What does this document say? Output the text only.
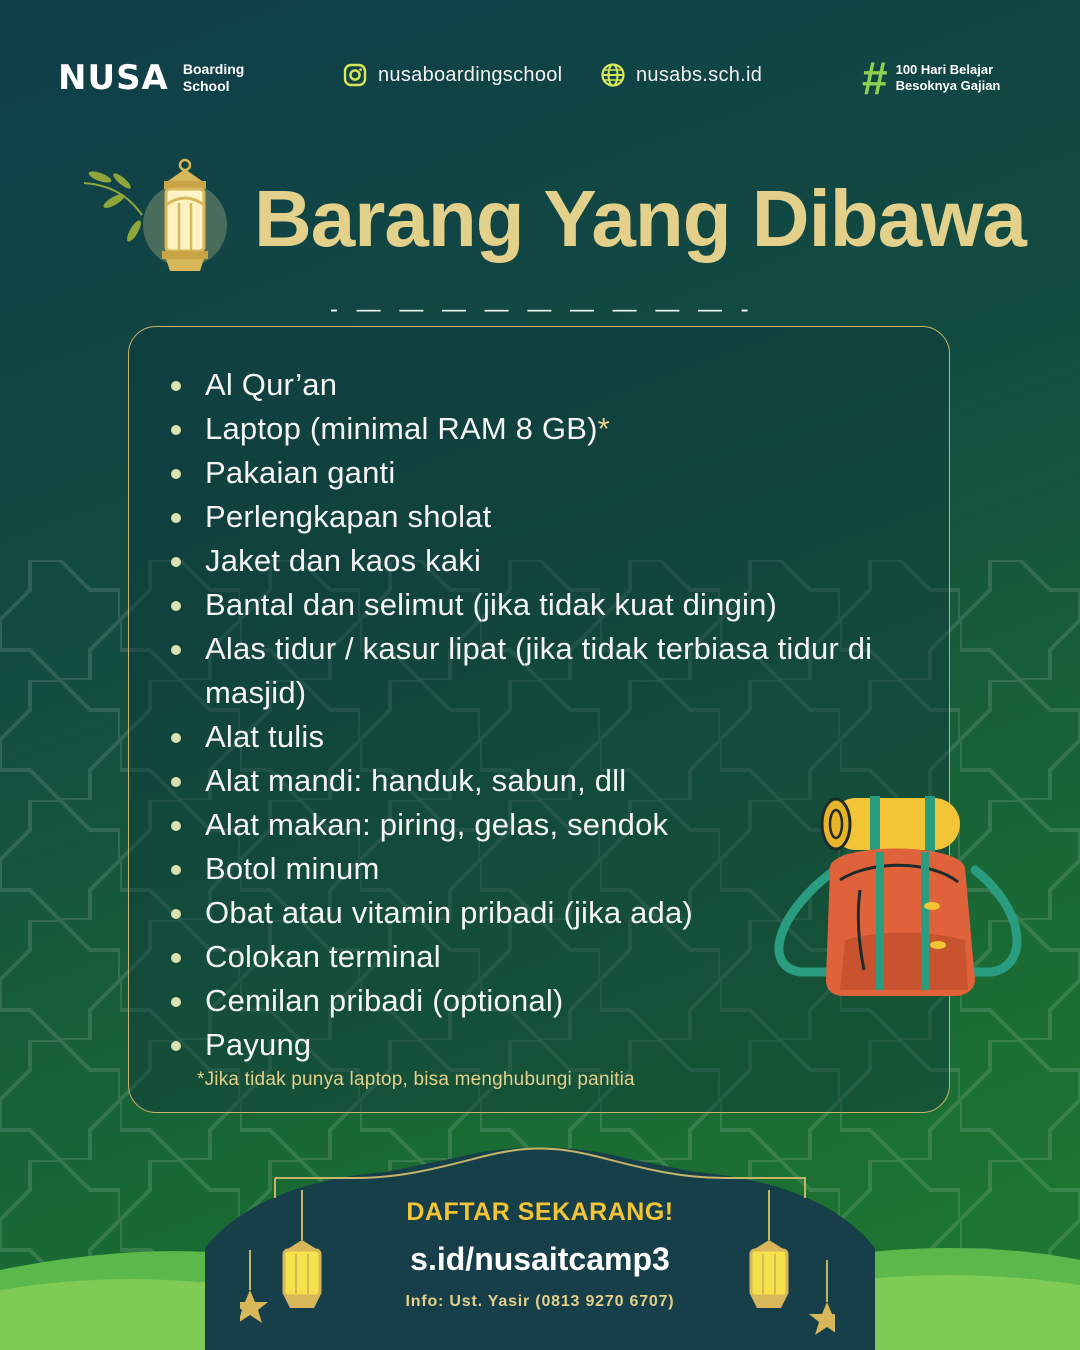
NUSA Boarding
School
nusaboardingschool	nusabs.sch.id # 100 Hari Belajar
Besoknya Gajian
Barang Yang Dibawa
- — — — — — — — — — -
Al Qur’an
Laptop (minimal RAM 8 GB)*
Pakaian ganti
Perlengkapan sholat
Jaket dan kaos kaki
Bantal dan selimut (jika tidak kuat dingin)
Alas tidur / kasur lipat (jika tidak terbiasa tidur di masjid)
Alat tulis
Alat mandi: handuk, sabun, dll
Alat makan: piring, gelas, sendok
Botol minum
Obat atau vitamin pribadi (jika ada)
Colokan terminal
Cemilan pribadi (optional)
Payung
*Jika tidak punya laptop, bisa menghubungi panitia
DAFTAR SEKARANG!
s.id/nusaitcamp3
Info: Ust. Yasir (0813 9270 6707)
